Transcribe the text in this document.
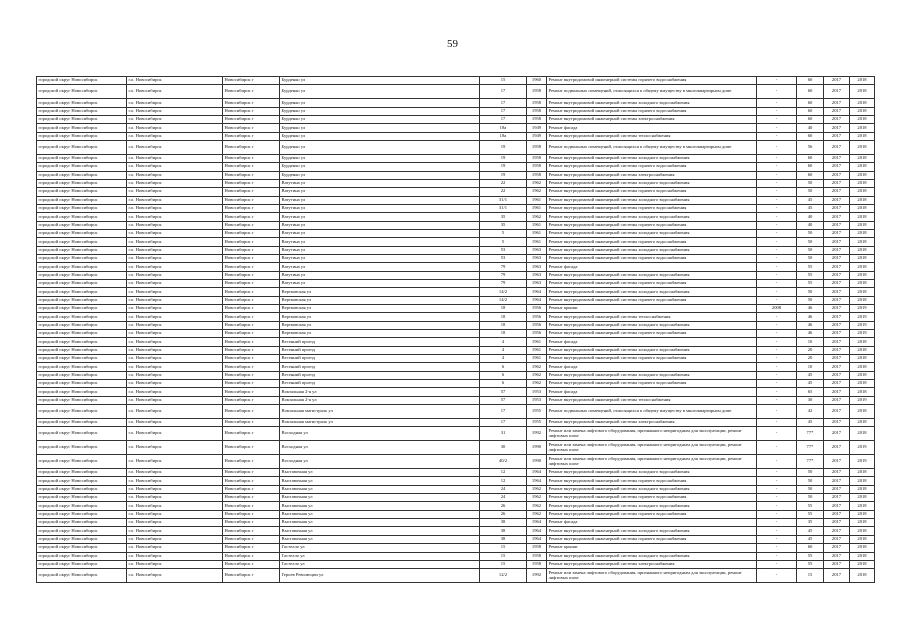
59
городской округ Новосибирск	г.о. Новосибирск	Новосибирск г	Бурденко ул	15	1960	Ремонт внутридомовой инженерной системы горячего водоснабжения	-	60	2017	2018
городской округ Новосибирск	г.о. Новосибирск	Новосибирск г	Бурденко ул	17	1958	Ремонт подвальных помещений, относящихся к общему имуществу в многоквартирном доме	-	60	2017	2018
городской округ Новосибирск	г.о. Новосибирск	Новосибирск г	Бурденко ул	17	1958	Ремонт внутридомовой инженерной системы холодного водоснабжения	-	60	2017	2018
городской округ Новосибирск	г.о. Новосибирск	Новосибирск г	Бурденко ул	17	1958	Ремонт внутридомовой инженерной системы горячего водоснабжения	-	60	2017	2018
городской округ Новосибирск	г.о. Новосибирск	Новосибирск г	Бурденко ул	17	1958	Ремонт внутридомовой инженерной системы электроснабжения	-	60	2017	2018
городской округ Новосибирск	г.о. Новосибирск	Новосибирск г	Бурденко ул	18а	1949	Ремонт фасада	-	40	2017	2018
городской округ Новосибирск	г.о. Новосибирск	Новосибирск г	Бурденко ул	18а	1949	Ремонт внутридомовой инженерной системы теплоснабжения	-	60	2017	2018
городской округ Новосибирск	г.о. Новосибирск	Новосибирск г	Бурденко ул	19	1958	Ремонт подвальных помещений, относящихся к общему имуществу в многоквартирном доме	-	56	2017	2018
городской округ Новосибирск	г.о. Новосибирск	Новосибирск г	Бурденко ул	19	1958	Ремонт внутридомовой инженерной системы холодного водоснабжения	-	60	2017	2018
городской округ Новосибирск	г.о. Новосибирск	Новосибирск г	Бурденко ул	19	1958	Ремонт внутридомовой инженерной системы горячего водоснабжения	-	60	2017	2018
городской округ Новосибирск	г.о. Новосибирск	Новосибирск г	Бурденко ул	19	1958	Ремонт внутридомовой инженерной системы электроснабжения	-	60	2017	2018
городской округ Новосибирск	г.о. Новосибирск	Новосибирск г	Ватутина ул	22	1962	Ремонт внутридомовой инженерной системы холодного водоснабжения	-	50	2017	2018
городской округ Новосибирск	г.о. Новосибирск	Новосибирск г	Ватутина ул	22	1962	Ремонт внутридомовой инженерной системы горячего водоснабжения	-	50	2017	2018
городской округ Новосибирск	г.о. Новосибирск	Новосибирск г	Ватутина ул	31/1	1961	Ремонт внутридомовой инженерной системы холодного водоснабжения	-	45	2017	2018
городской округ Новосибирск	г.о. Новосибирск	Новосибирск г	Ватутина ул	31/1	1961	Ремонт внутридомовой инженерной системы горячего водоснабжения	-	45	2017	2018
городской округ Новосибирск	г.о. Новосибирск	Новосибирск г	Ватутина ул	35	1962	Ремонт внутридомовой инженерной системы холодного водоснабжения	-	40	2017	2018
городской округ Новосибирск	г.о. Новосибирск	Новосибирск г	Ватутина ул	35	1961	Ремонт внутридомовой инженерной системы горячего водоснабжения	-	40	2017	2018
городской округ Новосибирск	г.о. Новосибирск	Новосибирск г	Ватутина ул	5	1961	Ремонт внутридомовой инженерной системы холодного водоснабжения	-	50	2017	2018
городской округ Новосибирск	г.о. Новосибирск	Новосибирск г	Ватутина ул	5	1961	Ремонт внутридомовой инженерной системы горячего водоснабжения	-	50	2017	2018
городской округ Новосибирск	г.о. Новосибирск	Новосибирск г	Ватутина ул	53	1963	Ремонт внутридомовой инженерной системы холодного водоснабжения	-	50	2017	2018
городской округ Новосибирск	г.о. Новосибирск	Новосибирск г	Ватутина ул	53	1963	Ремонт внутридомовой инженерной системы горячего водоснабжения	-	50	2017	2018
городской округ Новосибирск	г.о. Новосибирск	Новосибирск г	Ватутина ул	79	1963	Ремонт фасада	-	55	2017	2018
городской округ Новосибирск	г.о. Новосибирск	Новосибирск г	Ватутина ул	79	1963	Ремонт внутридомовой инженерной системы холодного водоснабжения	-	55	2017	2018
городской округ Новосибирск	г.о. Новосибирск	Новосибирск г	Ватутина ул	79	1963	Ремонт внутридомовой инженерной системы горячего водоснабжения	-	55	2017	2018
городской округ Новосибирск	г.о. Новосибирск	Новосибирск г	Вертковская ул	14/2	1964	Ремонт внутридомовой инженерной системы холодного водоснабжения	-	50	2017	2018
городской округ Новосибирск	г.о. Новосибирск	Новосибирск г	Вертковская ул	14/2	1964	Ремонт внутридомовой инженерной системы горячего водоснабжения	-	50	2017	2018
городской округ Новосибирск	г.о. Новосибирск	Новосибирск г	Вертковская ул	18	1956	Ремонт крыши	2008	46	2017	2019
городской округ Новосибирск	г.о. Новосибирск	Новосибирск г	Вертковская ул	18	1956	Ремонт внутридомовой инженерной системы теплоснабжения	-	46	2017	2019
городской округ Новосибирск	г.о. Новосибирск	Новосибирск г	Вертковская ул	18	1956	Ремонт внутридомовой инженерной системы холодного водоснабжения	-	46	2017	2019
городской округ Новосибирск	г.о. Новосибирск	Новосибирск г	Вертковская ул	18	1956	Ремонт внутридомовой инженерной системы горячего водоснабжения	-	46	2017	2019
городской округ Новосибирск	г.о. Новосибирск	Новосибирск г	Весенний проезд	4	1961	Ремонт фасада	-	10	2017	2018
городской округ Новосибирск	г.о. Новосибирск	Новосибирск г	Весенний проезд	4	1961	Ремонт внутридомовой инженерной системы холодного водоснабжения	-	20	2017	2018
городской округ Новосибирск	г.о. Новосибирск	Новосибирск г	Весенний проезд	4	1961	Ремонт внутридомовой инженерной системы горячего водоснабжения	-	20	2017	2018
городской округ Новосибирск	г.о. Новосибирск	Новосибирск г	Весенний проезд	6	1962	Ремонт фасада	-	10	2017	2018
городской округ Новосибирск	г.о. Новосибирск	Новосибирск г	Весенний проезд	6	1962	Ремонт внутридомовой инженерной системы холодного водоснабжения	-	45	2017	2018
городской округ Новосибирск	г.о. Новосибирск	Новосибирск г	Весенний проезд	6	1962	Ремонт внутридомовой инженерной системы горячего водоснабжения	-	45	2017	2018
городской округ Новосибирск	г.о. Новосибирск	Новосибирск г	Вокзальная 2-я ул	57	1953	Ремонт фасада	-	65	2017	2018
городской округ Новосибирск	г.о. Новосибирск	Новосибирск г	Вокзальная 2-я ул	57	1953	Ремонт внутридомовой инженерной системы теплоснабжения	-	30	2017	2019
городской округ Новосибирск	г.о. Новосибирск	Новосибирск г	Вокзальная магистраль ул	17	1955	Ремонт подвальных помещений, относящихся к общему имуществу в многоквартирном доме	-	42	2017	2018
городской округ Новосибирск	г.о. Новосибирск	Новосибирск г	Вокзальная магистраль ул	17	1955	Ремонт внутридомовой инженерной системы электроснабжения	-	45	2017	2018
городской округ Новосибирск	г.о. Новосибирск	Новосибирск г	Восходная ул	31	1992	Ремонт или замена лифтового оборудования, признанного непригодным для эксплуатации, ремонт лифтовых шахт	-	77*	2017	2018
городской округ Новосибирск	г.о. Новосибирск	Новосибирск г	Восходная ул	30	1990	Ремонт или замена лифтового оборудования, признанного непригодным для эксплуатации, ремонт лифтовых шахт	-	77*	2017	2019
городской округ Новосибирск	г.о. Новосибирск	Новосибирск г	Восходная ул	40/2	1990	Ремонт или замена лифтового оборудования, признанного непригодным для эксплуатации, ремонт лифтовых шахт	-	77*	2017	2019
городской округ Новосибирск	г.о. Новосибирск	Новосибирск г	Выставочная ул	12	1964	Ремонт внутридомовой инженерной системы холодного водоснабжения	-	50	2017	2018
городской округ Новосибирск	г.о. Новосибирск	Новосибирск г	Выставочная ул	12	1964	Ремонт внутридомовой инженерной системы горячего водоснабжения	-	50	2017	2018
городской округ Новосибирск	г.о. Новосибирск	Новосибирск г	Выставочная ул	24	1962	Ремонт внутридомовой инженерной системы холодного водоснабжения	-	50	2017	2018
городской округ Новосибирск	г.о. Новосибирск	Новосибирск г	Выставочная ул	24	1962	Ремонт внутридомовой инженерной системы горячего водоснабжения	-	50	2017	2018
городской округ Новосибирск	г.о. Новосибирск	Новосибирск г	Выставочная ул	26	1962	Ремонт внутридомовой инженерной системы холодного водоснабжения	-	55	2017	2018
городской округ Новосибирск	г.о. Новосибирск	Новосибирск г	Выставочная ул	26	1962	Ремонт внутридомовой инженерной системы горячего водоснабжения	-	55	2017	2018
городской округ Новосибирск	г.о. Новосибирск	Новосибирск г	Выставочная ул	38	1964	Ремонт фасада	-	35	2017	2018
городской округ Новосибирск	г.о. Новосибирск	Новосибирск г	Выставочная ул	38	1964	Ремонт внутридомовой инженерной системы холодного водоснабжения	-	45	2017	2018
городской округ Новосибирск	г.о. Новосибирск	Новосибирск г	Выставочная ул	38	1964	Ремонт внутридомовой инженерной системы горячего водоснабжения	-	45	2017	2018
городской округ Новосибирск	г.о. Новосибирск	Новосибирск г	Гастелло ул	15	1958	Ремонт крыши	-	60	2017	2018
городской округ Новосибирск	г.о. Новосибирск	Новосибирск г	Гастелло ул	15	1958	Ремонт внутридомовой инженерной системы холодного водоснабжения	-	55	2017	2018
городской округ Новосибирск	г.о. Новосибирск	Новосибирск г	Гастелло ул	15	1958	Ремонт внутридомовой инженерной системы электроснабжения	-	55	2017	2018
городской округ Новосибирск	г.о. Новосибирск	Новосибирск г	Героев Революции ул	12/2	1992	Ремонт или замена лифтового оборудования, признанного непригодным для эксплуатации, ремонт лифтовых шахт	-	15	2017	2018
